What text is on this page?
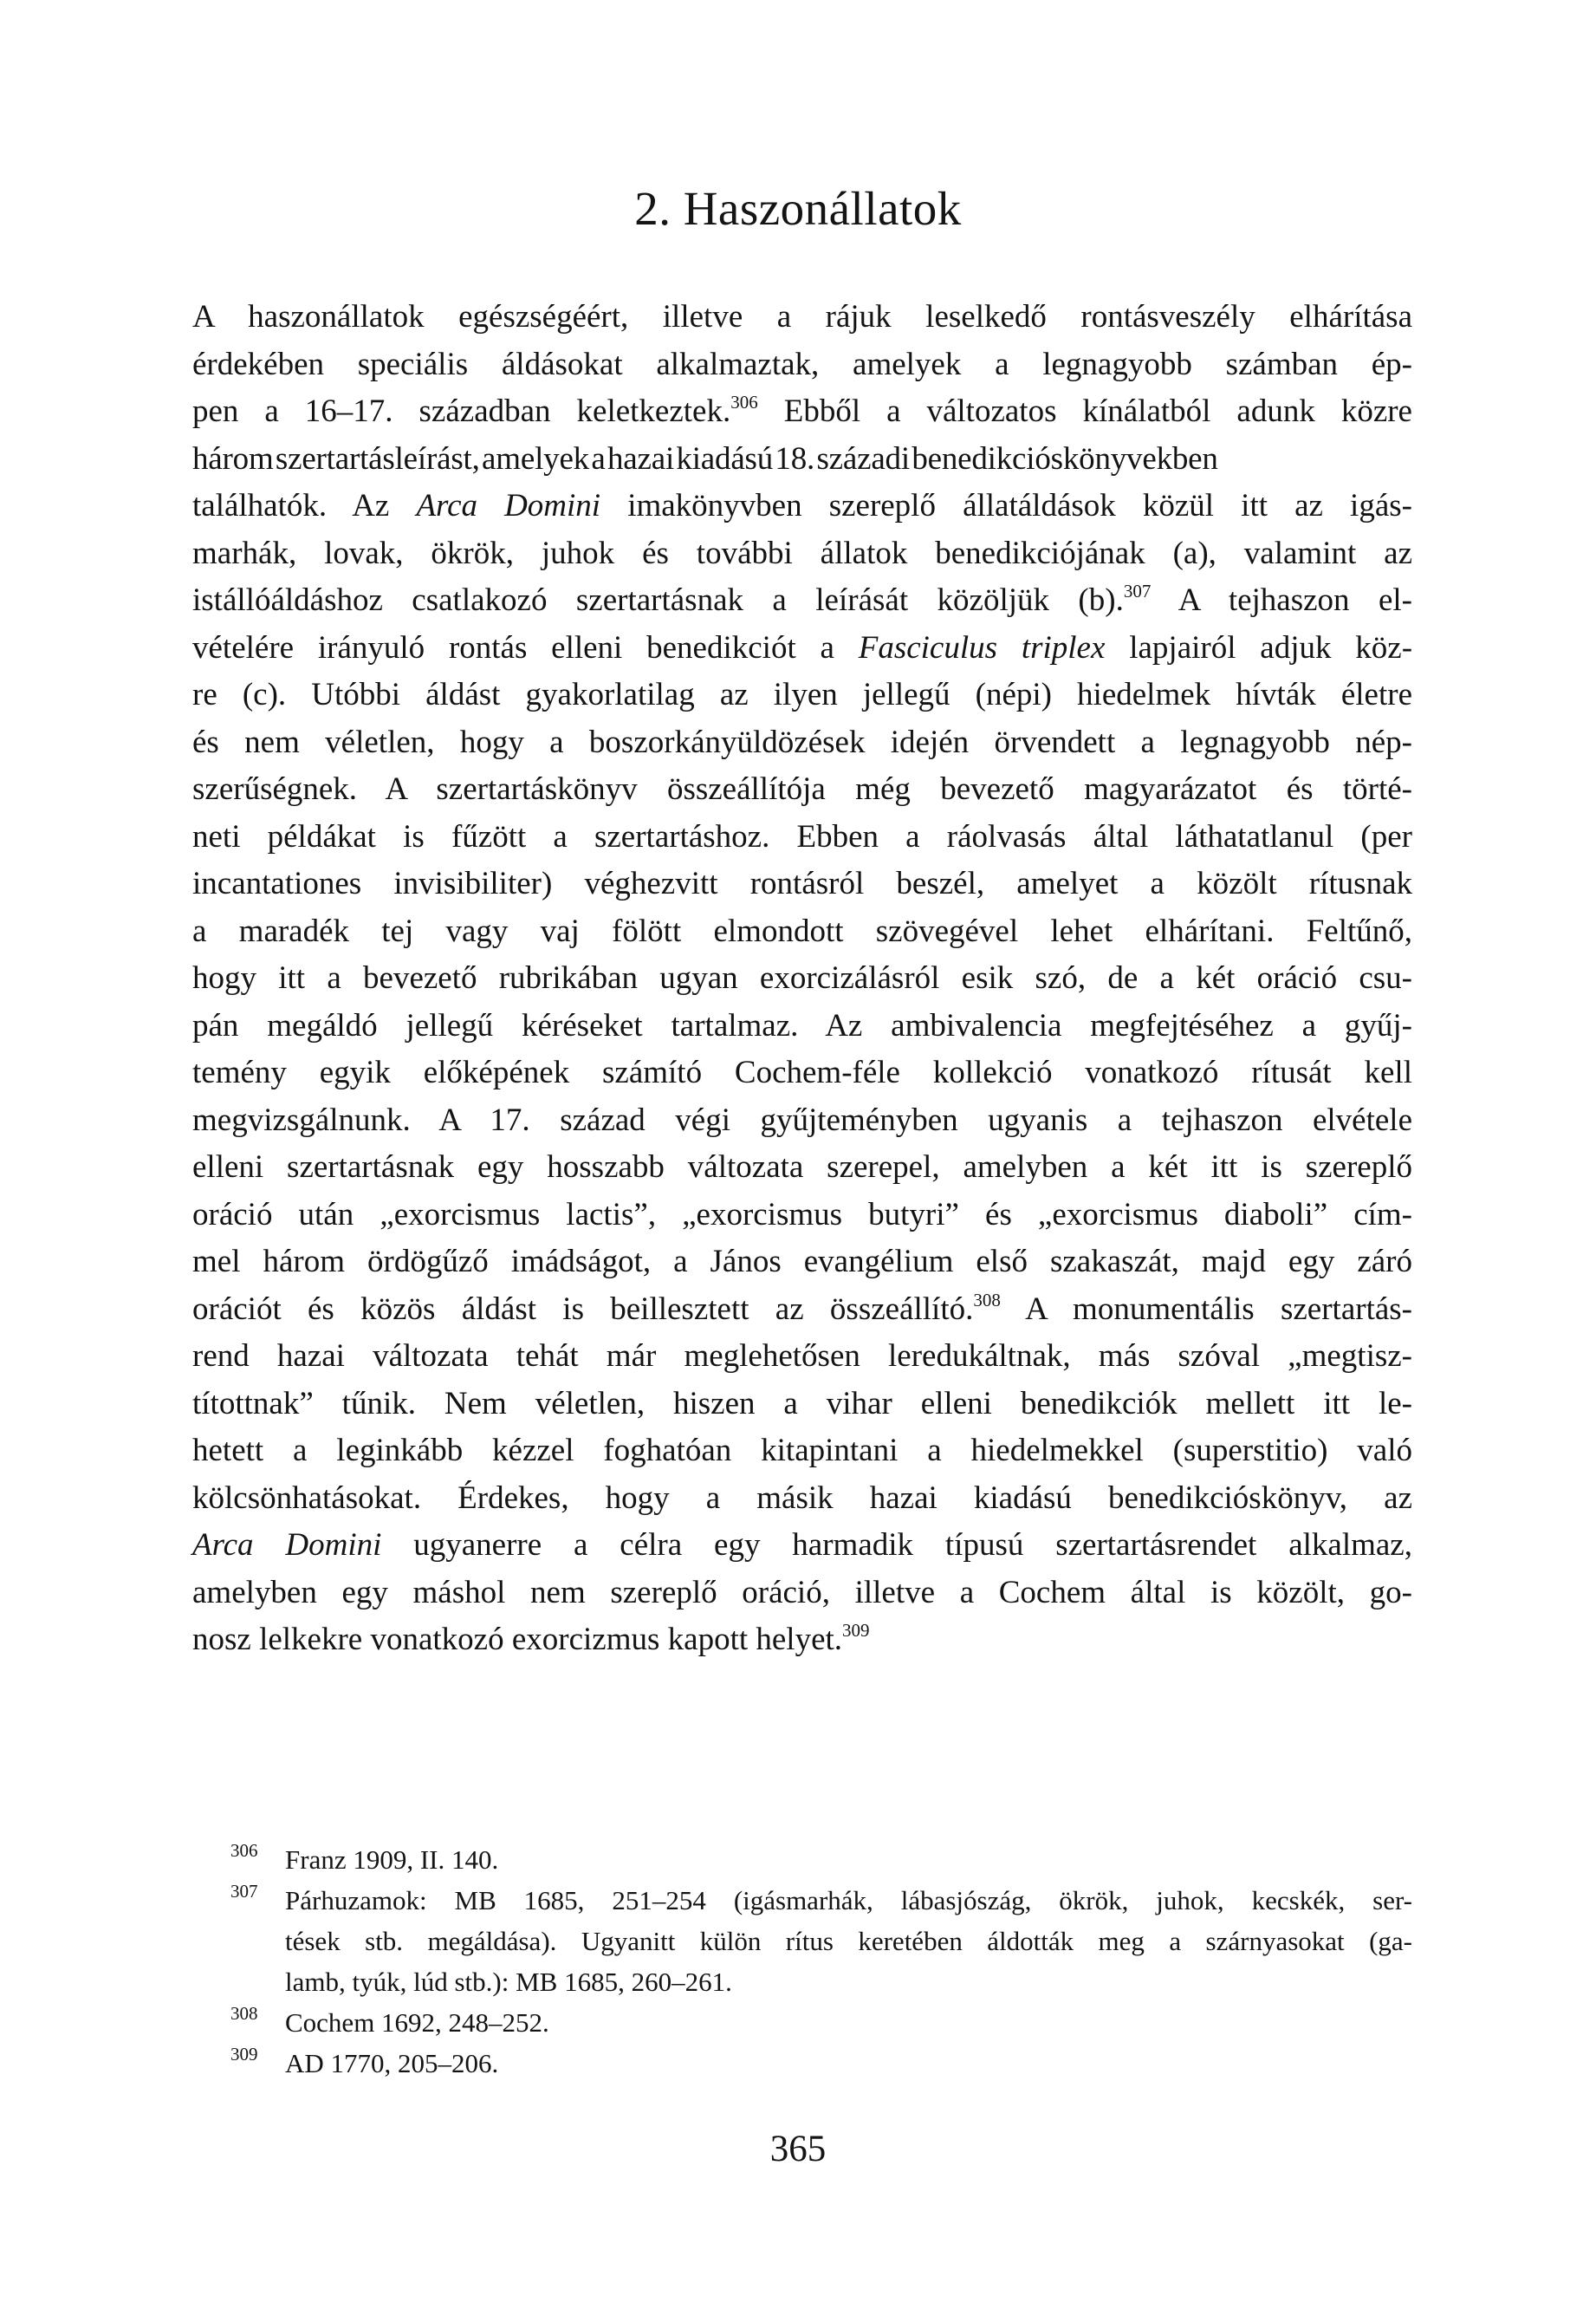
2. Haszonállatok
A haszonállatok egészségéért, illetve a rájuk leselkedő rontásveszély elhárítása
érdekében speciális áldásokat alkalmaztak, amelyek a legnagyobb számban ép-
pen a 16–17. században keletkeztek.$^{306}$ Ebből a változatos kínálatból adunk közre
három szertartásleírást, amelyek a hazai kiadású 18. századi benedikcióskönyvekben
találhatók. Az Arca Domini imakönyvben szereplő állatáldások közül itt az igás-
marhák, lovak, ökrök, juhok és további állatok benedikciójának (a), valamint az
istállóáldáshoz csatlakozó szertartásnak a leírását közöljük (b).$^{307}$ A tejhaszon el-
vételére irányuló rontás elleni benedikciót a Fasciculus triplex lapjairól adjuk köz-
re (c). Utóbbi áldást gyakorlatilag az ilyen jellegű (népi) hiedelmek hívták életre
és nem véletlen, hogy a boszorkányüldözések idején örvendett a legnagyobb nép-
szerűségnek. A szertartáskönyv összeállítója még bevezető magyarázatot és törté-
neti példákat is fűzött a szertartáshoz. Ebben a ráolvasás által láthatatlanul (per
incantationes invisibiliter) véghezvitt rontásról beszél, amelyet a közölt rítusnak
a maradék tej vagy vaj fölött elmondott szövegével lehet elhárítani. Feltűnő,
hogy itt a bevezető rubrikában ugyan exorcizálásról esik szó, de a két oráció csu-
pán megáldó jellegű kéréseket tartalmaz. Az ambivalencia megfejtéséhez a gyűj-
temény egyik előképének számító Cochem-féle kollekció vonatkozó rítusát kell
megvizsgálnunk. A 17. század végi gyűjteményben ugyanis a tejhaszon elvétele
elleni szertartásnak egy hosszabb változata szerepel, amelyben a két itt is szereplő
oráció után „exorcismus lactis”, „exorcismus butyri” és „exorcismus diaboli” cím-
mel három ördögűző imádságot, a János evangélium első szakaszát, majd egy záró
orációt és közös áldást is beillesztett az összeállító.$^{308}$ A monumentális szertartás-
rend hazai változata tehát már meglehetősen leredukáltnak, más szóval „megtisz-
títottnak” tűnik. Nem véletlen, hiszen a vihar elleni benedikciók mellett itt le-
hetett a leginkább kézzel foghatóan kitapintani a hiedelmekkel (superstitio) való
kölcsönhatásokat. Érdekes, hogy a másik hazai kiadású benedikcióskönyv, az
Arca Domini ugyanerre a célra egy harmadik típusú szertartásrendet alkalmaz,
amelyben egy máshol nem szereplő oráció, illetve a Cochem által is közölt, go-
nosz lelkekre vonatkozó exorcizmus kapott helyet.$^{309}$
306 Franz 1909, II. 140.
307 Párhuzamok: MB 1685, 251–254 (igásmarhák, lábasjószág, ökrök, juhok, kecskék, ser-
tések stb. megáldása). Ugyanitt külön rítus keretében áldották meg a szárnyasokat (ga-
lamb, tyúk, lúd stb.): MB 1685, 260–261.
308 Cochem 1692, 248–252.
309 AD 1770, 205–206.
365
